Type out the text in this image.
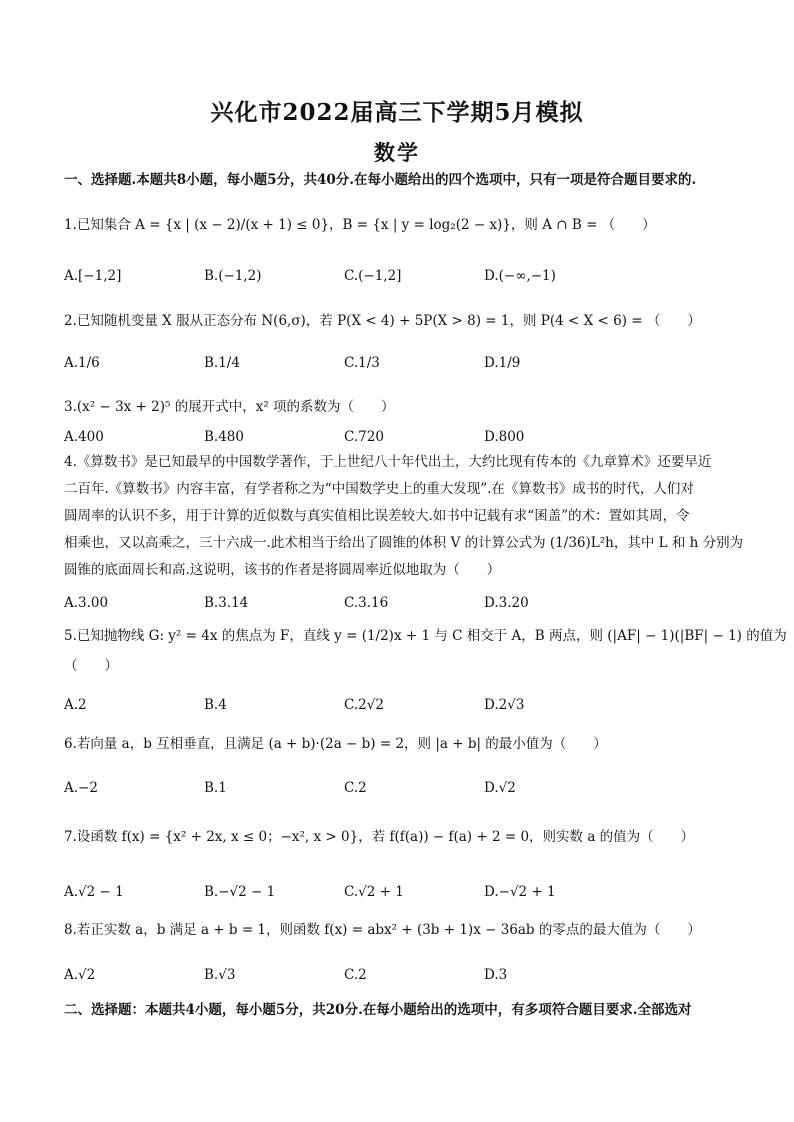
兴化市2022届高三下学期5月模拟
数学
一、选择题.本题共8小题，每小题5分，共40分.在每小题给出的四个选项中，只有一项是符合题目要求的.
1.已知集合 A = {x | (x − 2)/(x + 1) ≤ 0}，B = {x | y = log₂(2 − x)}，则 A ∩ B = （　　）
A.[−1,2]	B.(−1,2)	C.(−1,2]	D.(−∞,−1)
2.已知随机变量 X 服从正态分布 N(6,σ)，若 P(X < 4) + 5P(X > 8) = 1，则 P(4 < X < 6) = （　　）
A.1/6	B.1/4	C.1/3	D.1/9
3.(x² − 3x + 2)⁵ 的展开式中，x² 项的系数为（　　）
A.400	B.480	C.720	D.800
4.《算数书》是已知最早的中国数学著作，于上世纪八十年代出土，大约比现有传本的《九章算术》还要早近
二百年.《算数书》内容丰富，有学者称之为“中国数学史上的重大发现”.在《算数书》成书的时代，人们对
圆周率的认识不多，用于计算的近似数与真实值相比误差较大.如书中记载有求“囷盖”的术：置如其周，令
相乘也，又以高乘之，三十六成一.此术相当于给出了圆锥的体积 V 的计算公式为 (1/36)L²h，其中 L 和 h 分别为
圆锥的底面周长和高.这说明，该书的作者是将圆周率近似地取为（　　）
A.3.00	B.3.14	C.3.16	D.3.20
5.已知抛物线 G: y² = 4x 的焦点为 F，直线 y = (1/2)x + 1 与 C 相交于 A，B 两点，则 (|AF| − 1)(|BF| − 1) 的值为
（　　）
A.2	B.4	C.2√2	D.2√3
6.若向量 a，b 互相垂直，且满足 (a + b)·(2a − b) = 2，则 |a + b| 的最小值为（　　）
A.−2	B.1	C.2	D.√2
7.设函数 f(x) = {x² + 2x, x ≤ 0；−x², x > 0}，若 f(f(a)) − f(a) + 2 = 0，则实数 a 的值为（　　）
A.√2 − 1	B.−√2 − 1	C.√2 + 1	D.−√2 + 1
8.若正实数 a，b 满足 a + b = 1，则函数 f(x) = abx² + (3b + 1)x − 36ab 的零点的最大值为（　　）
A.√2	B.√3	C.2	D.3
二、选择题：本题共4小题，每小题5分，共20分.在每小题给出的选项中，有多项符合题目要求.全部选对
